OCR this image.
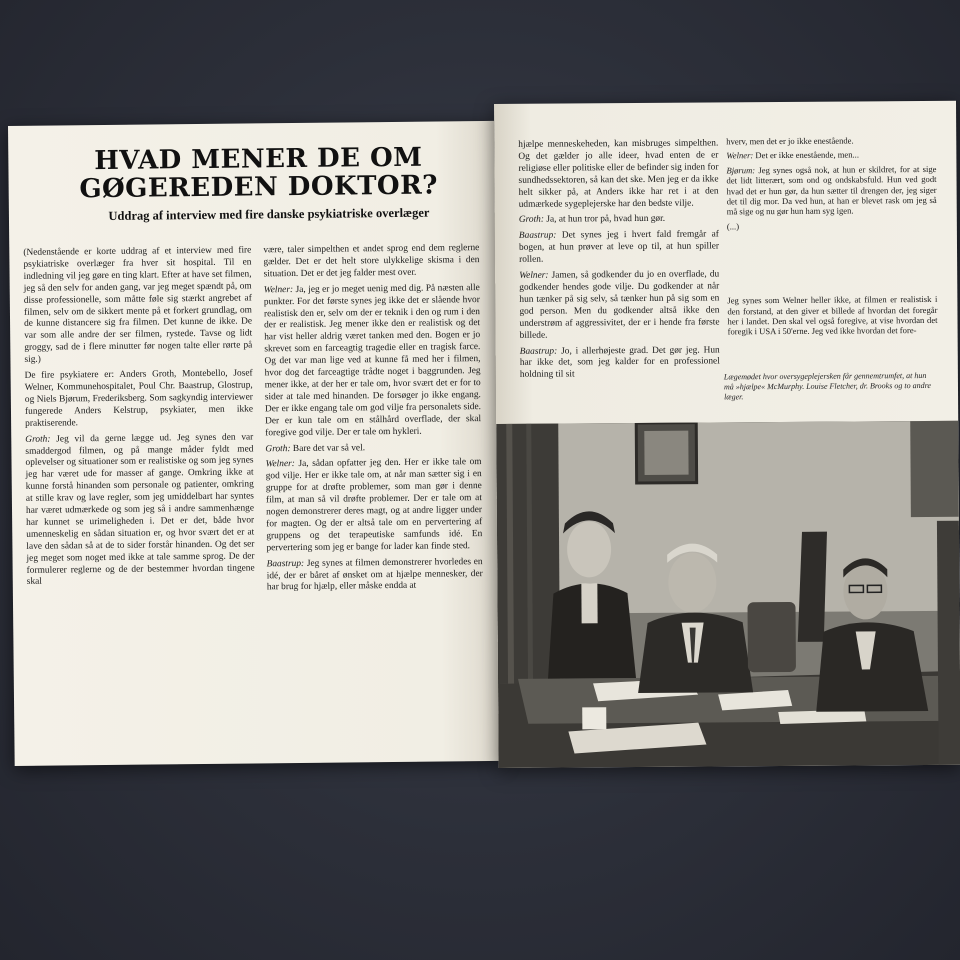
HVAD MENER DE OM
GØGEREDEN DOKTOR?
Uddrag af interview med fire danske psykiatriske overlæger

(Nedenstående er korte uddrag af et interview med fire psykiatriske overlæger fra hver sit hospital. Til en indledning vil jeg gøre en ting klart. Efter at have set filmen, jeg så den selv for anden gang, var jeg meget spændt på, om disse professionelle, som måtte føle sig stærkt angrebet af filmen, selv om de sikkert mente på et forkert grundlag, om de kunne distancere sig fra filmen. Det kunne de ikke. De var som alle andre der ser filmen, rystede. Tavse og lidt groggy, sad de i flere minutter før nogen talte eller rørte på sig.)

De fire psykiatere er: Anders Groth, Montebello, Josef Welner, Kommunehospitalet, Poul Chr. Baastrup, Glostrup, og Niels Bjørum, Frederiksberg. Som sagkyndig interviewer fungerede Anders Kelstrup, psykiater, men ikke praktiserende.

Groth: Jeg vil da gerne lægge ud. Jeg synes den var smaddergod filmen, og på mange måder fyldt med oplevelser og situationer som er realistiske og som jeg synes jeg har været ude for masser af gange. Omkring ikke at kunne forstå hinanden som personale og patienter, omkring at stille krav og lave regler, som jeg umiddelbart har syntes har været udmærkede og som jeg så i andre sammenhænge har kunnet se urimeligheden i. Det er det, både hvor umenneskelig en sådan situation er, og hvor svært det er at lave den sådan så at de to sider forstår hinanden. Og det ser jeg meget som noget med ikke at tale samme sprog. De der formulerer reglerne og de der bestemmer hvordan tingene skal

være, taler simpelthen et andet sprog end dem reglerne gælder. Det er det helt store ulykkelige skisma i den situation. Det er det jeg falder mest over.

Welner: Ja, jeg er jo meget uenig med dig. På næsten alle punkter. For det første synes jeg ikke det er slående hvor realistisk den er, selv om der er teknik i den og rum i den der er realistisk. Jeg mener ikke den er realistisk og det har vist heller aldrig været tanken med den. Bogen er jo skrevet som en farceagtig tragedie eller en tragisk farce. Og det var man lige ved at kunne få med her i filmen, hvor dog det farceagtige trådte noget i baggrunden. Jeg mener ikke, at der her er tale om, hvor svært det er for to sider at tale med hinanden. De forsøger jo ikke engang. Der er ikke engang tale om god vilje fra personalets side. Der er kun tale om en stålhård overflade, der skal foregive god vilje. Der er tale om hykleri.

Groth: Bare det var så vel.

Welner: Ja, sådan opfatter jeg den. Her er ikke tale om god vilje. Her er ikke tale om, at når man sætter sig i en gruppe for at drøfte problemer, som man gør i denne film, at man så vil drøfte problemer. Der er tale om at nogen demonstrerer deres magt, og at andre ligger under for magten. Og der er altså tale om en pervertering af gruppens og det terapeutiske samfunds idé. En pervertering som jeg er bange for lader kan finde sted.

Baastrup: Jeg synes at filmen demonstrerer hvorledes en idé, der er båret af ønsket om at hjælpe mennesker, der har brug for hjælp, eller måske endda at

hjælpe menneskeheden, kan misbruges simpelthen. Og det gælder jo alle ideer, hvad enten de er religiøse eller politiske eller de befinder sig inden for sundhedssektoren, så kan det ske. Men jeg er da ikke helt sikker på, at Anders ikke har ret i at den udmærkede sygeplejerske har den bedste vilje.

Groth: Ja, at hun tror på, hvad hun gør.

Baastrup: Det synes jeg i hvert fald fremgår af bogen, at hun prøver at leve op til, at hun spiller rollen.

Welner: Jamen, så godkender du jo en overflade, du godkender hendes gode vilje. Du godkender at når hun tænker på sig selv, så tænker hun på sig som en god person. Men du godkender altså ikke den understrøm af aggressivitet, der er i hende fra første billede.

Baastrup: Jo, i allerhøjeste grad. Det gør jeg. Hun har ikke det, som jeg kalder for en professionel holdning til sit

hverv, men det er jo ikke enestående.

Welner: Det er ikke enestående, men...

Bjørum: Jeg synes også nok, at hun er skildret, for at sige det lidt litterært, som ond og ondskabsfuld. Hun ved godt hvad det er hun gør, da hun sætter til drengen der, jeg siger det til dig mor. Da ved hun, at han er blevet rask om jeg så må sige og nu gør hun ham syg igen.

(...)

Jeg synes som Welner heller ikke, at filmen er realistisk i den forstand, at den giver et billede af hvordan det foregår her i landet. Den skal vel også foregive, at vise hvordan det foregik i USA i 50'erne. Jeg ved ikke hvordan det fore-

Lægemødet hvor oversygeplejersken får gennemtrumfet, at hun må »hjælpe« McMurphy. Louise Fletcher, dr. Brooks og to andre læger.
